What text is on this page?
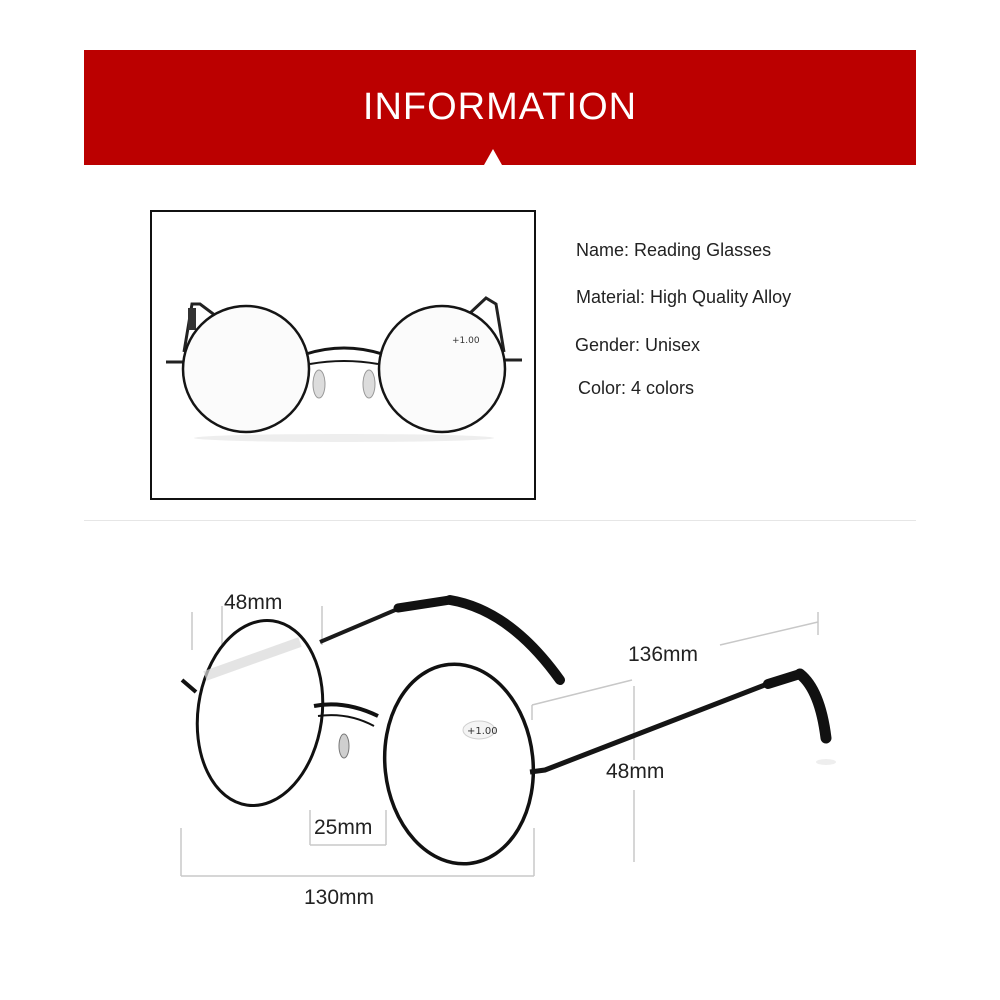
INFORMATION
+1.00
Name: Reading Glasses
Material: High Quality Alloy
Gender: Unisex
Color: 4 colors
+1.00
48mm
136mm
48mm
25mm
130mm
